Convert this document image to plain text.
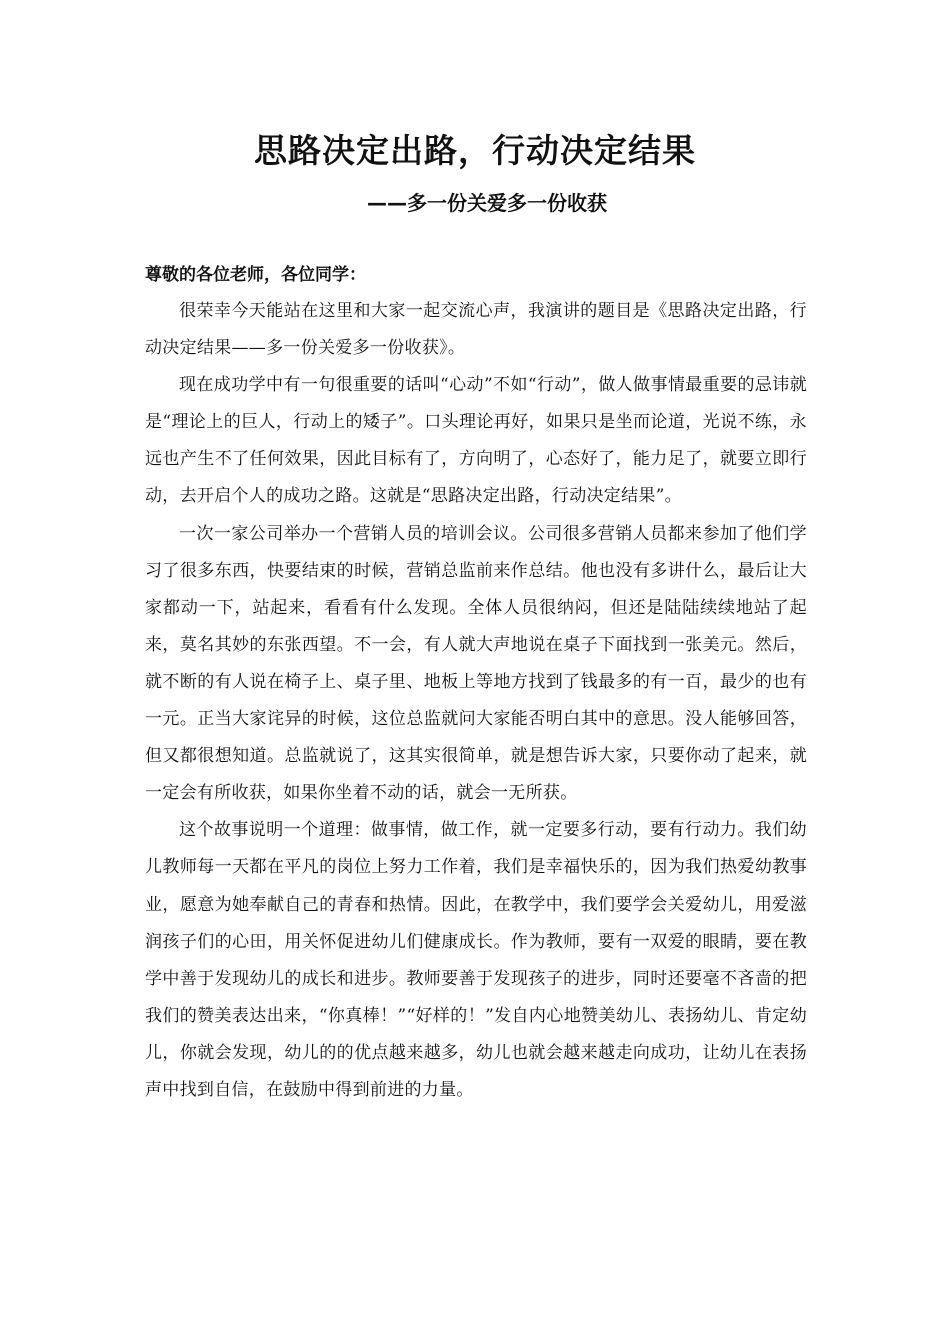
思路决定出路，行动决定结果
——多一份关爱多一份收获

尊敬的各位老师，各位同学：

很荣幸今天能站在这里和大家一起交流心声，我演讲的题目是《思路决定出路，行动决定结果——多一份关爱多一份收获》。

现在成功学中有一句很重要的话叫“心动”不如“行动”，做人做事情最重要的忌讳就是“理论上的巨人，行动上的矮子”。口头理论再好，如果只是坐而论道，光说不练，永远也产生不了任何效果，因此目标有了，方向明了，心态好了，能力足了，就要立即行动，去开启个人的成功之路。这就是“思路决定出路，行动决定结果”。

一次一家公司举办一个营销人员的培训会议。公司很多营销人员都来参加了他们学习了很多东西，快要结束的时候，营销总监前来作总结。他也没有多讲什么，最后让大家都动一下，站起来，看看有什么发现。全体人员很纳闷，但还是陆陆续续地站了起来，莫名其妙的东张西望。不一会，有人就大声地说在桌子下面找到一张美元。然后，就不断的有人说在椅子上、桌子里、地板上等地方找到了钱最多的有一百，最少的也有一元。正当大家诧异的时候，这位总监就问大家能否明白其中的意思。没人能够回答，但又都很想知道。总监就说了，这其实很简单，就是想告诉大家，只要你动了起来，就一定会有所收获，如果你坐着不动的话，就会一无所获。

这个故事说明一个道理：做事情，做工作，就一定要多行动，要有行动力。我们幼儿教师每一天都在平凡的岗位上努力工作着，我们是幸福快乐的，因为我们热爱幼教事业，愿意为她奉献自己的青春和热情。因此，在教学中，我们要学会关爱幼儿，用爱滋润孩子们的心田，用关怀促进幼儿们健康成长。作为教师，要有一双爱的眼睛，要在教学中善于发现幼儿的成长和进步。教师要善于发现孩子的进步，同时还要毫不吝啬的把我们的赞美表达出来，“你真棒！”“好样的！”发自内心地赞美幼儿、表扬幼儿、肯定幼儿，你就会发现，幼儿的的优点越来越多，幼儿也就会越来越走向成功，让幼儿在表扬声中找到自信，在鼓励中得到前进的力量。
